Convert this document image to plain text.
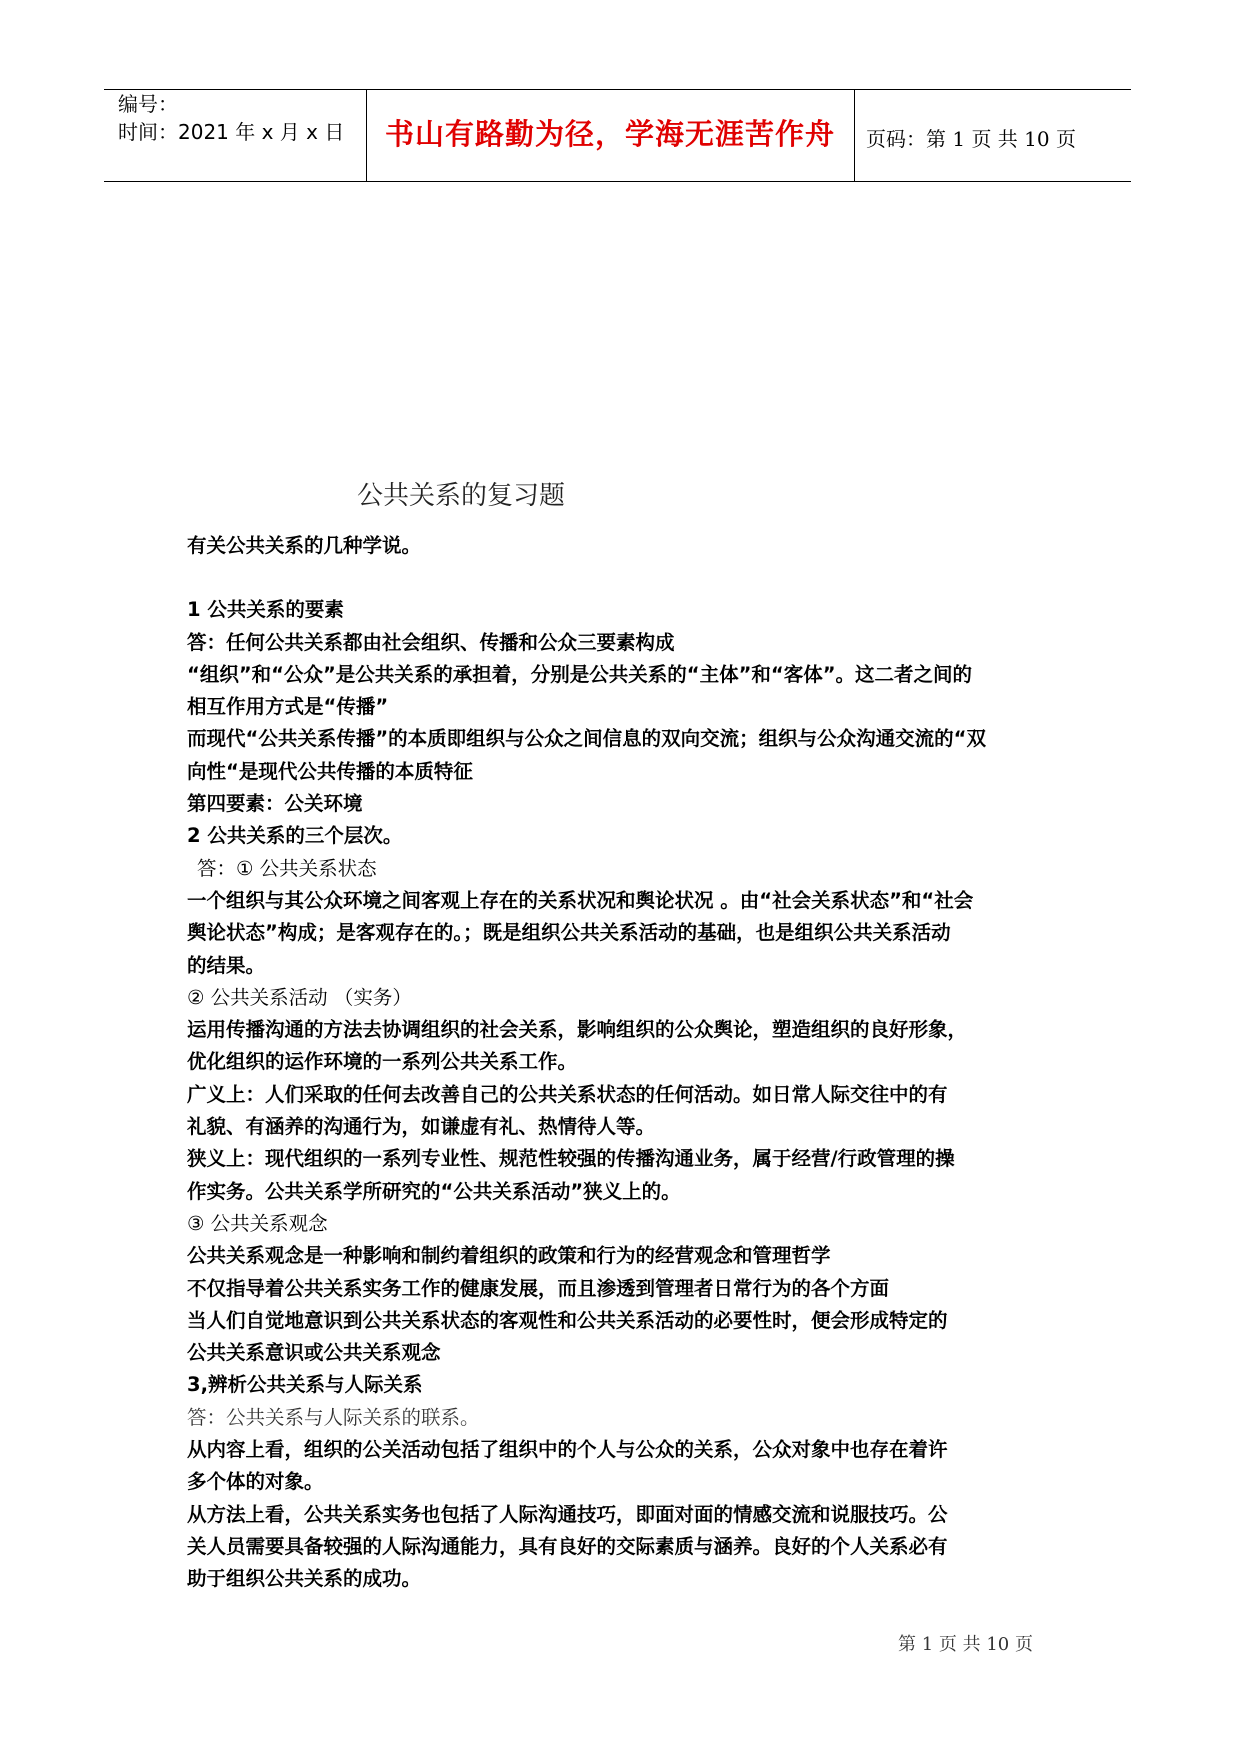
编号：
时间：2021 年 x 月 x 日	书山有路勤为径，学海无涯苦作舟	页码：第 1 页 共 10 页
公共关系的复习题

有关公共关系的几种学说。

1 公共关系的要素

答：任何公共关系都由社会组织、传播和公众三要素构成

“组织”和“公众”是公共关系的承担着，分别是公共关系的“主体”和“客体”。这二者之间的

相互作用方式是“传播”

而现代“公共关系传播”的本质即组织与公众之间信息的双向交流；组织与公众沟通交流的“双

向性“是现代公共传播的本质特征

第四要素：公关环境

2 公共关系的三个层次。

答：① 公共关系状态

一个组织与其公众环境之间客观上存在的关系状况和舆论状况 。由“社会关系状态”和“社会

舆论状态”构成；是客观存在的。；既是组织公共关系活动的基础，也是组织公共关系活动

的结果。

② 公共关系活动 （实务）

运用传播沟通的方法去协调组织的社会关系，影响组织的公众舆论，塑造组织的良好形象，

优化组织的运作环境的一系列公共关系工作。

广义上：人们采取的任何去改善自己的公共关系状态的任何活动。如日常人际交往中的有

礼貌、有涵养的沟通行为，如谦虚有礼、热情待人等。

狭义上：现代组织的一系列专业性、规范性较强的传播沟通业务，属于经营/行政管理的操

作实务。公共关系学所研究的“公共关系活动”狭义上的。

③ 公共关系观念

公共关系观念是一种影响和制约着组织的政策和行为的经营观念和管理哲学

不仅指导着公共关系实务工作的健康发展，而且渗透到管理者日常行为的各个方面

当人们自觉地意识到公共关系状态的客观性和公共关系活动的必要性时，便会形成特定的

公共关系意识或公共关系观念

3,辨析公共关系与人际关系

答：公共关系与人际关系的联系。

从内容上看，组织的公关活动包括了组织中的个人与公众的关系，公众对象中也存在着许

多个体的对象。

从方法上看，公共关系实务也包括了人际沟通技巧，即面对面的情感交流和说服技巧。公

关人员需要具备较强的人际沟通能力，具有良好的交际素质与涵养。良好的个人关系必有

助于组织公共关系的成功。

第 1 页 共 10 页
